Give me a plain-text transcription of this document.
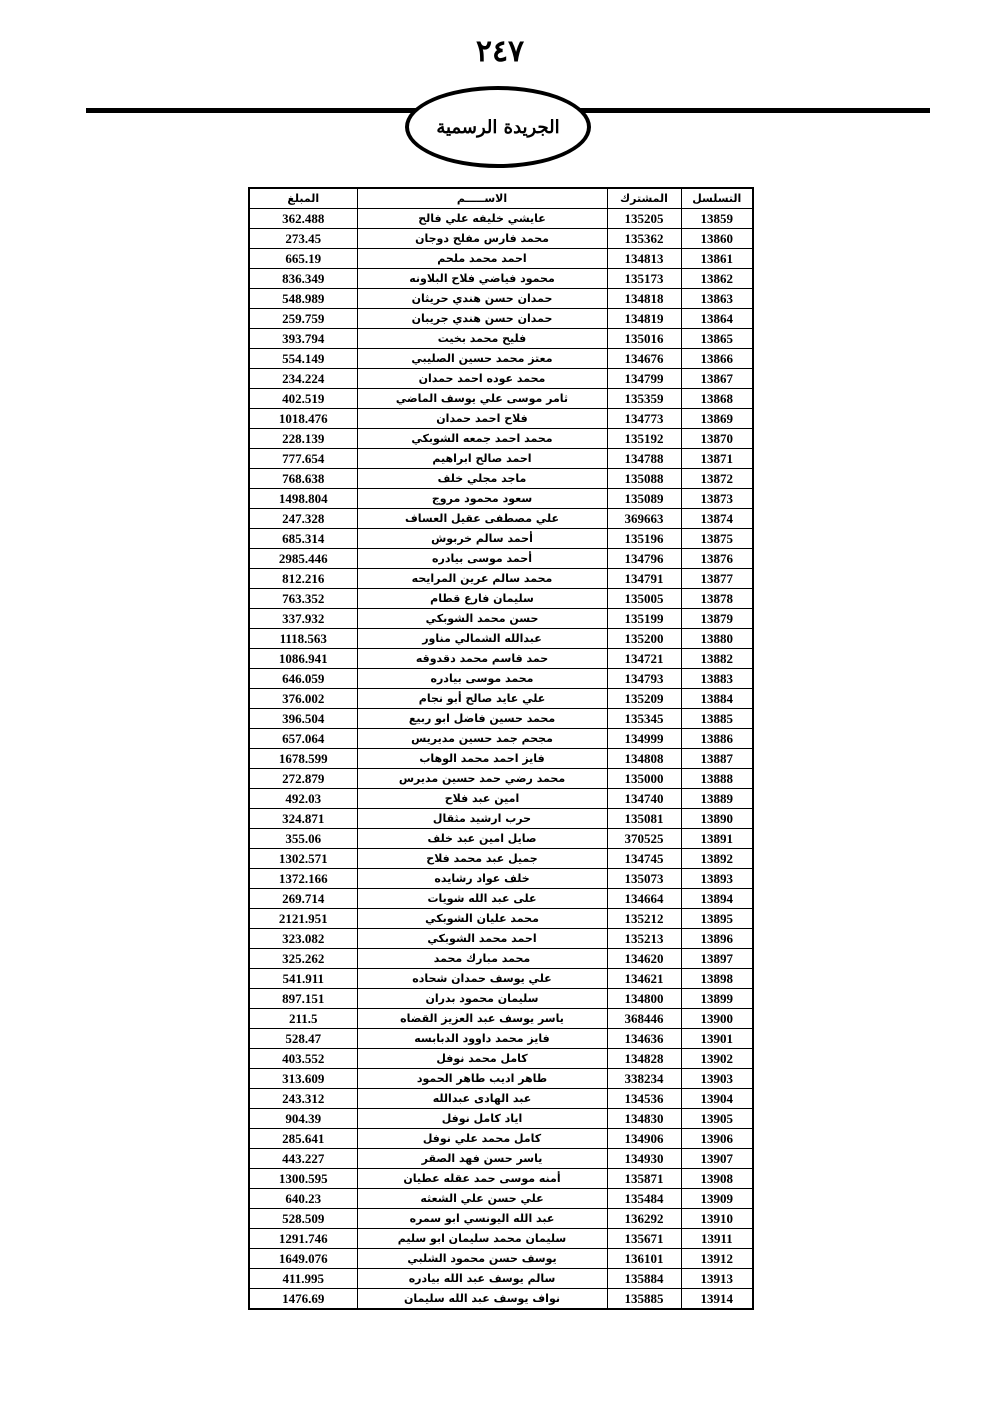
٢٤٧
الجريدة الرسمية
المبلغ	الاســـــم	المشترك	التسلسل
362.488	عايشي خليفه علي فالح	135205	13859
273.45	محمد فارس مفلح دوجان	135362	13860
665.19	احمد محمد ملحم	134813	13861
836.349	محمود فياضي فلاح البلاونه	135173	13862
548.989	حمدان حسن هندي حريثان	134818	13863
259.759	حمدان حسن هندي جريبان	134819	13864
393.794	فليح محمد بخيت	135016	13865
554.149	معتز محمد حسين الصليبي	134676	13866
234.224	محمد عوده احمد حمدان	134799	13867
402.519	ثامر موسى علي يوسف الماضي	135359	13868
1018.476	فلاح احمد حمدان	134773	13869
228.139	محمد احمد جمعه الشوبكي	135192	13870
777.654	احمد صالح ابراهيم	134788	13871
768.638	ماجد مجلي خلف	135088	13872
1498.804	سعود محمود مروج	135089	13873
247.328	علي مصطفى عقيل العساف	369663	13874
685.314	أحمد سالم خربوش	135196	13875
2985.446	أحمد موسى بيادره	134796	13876
812.216	محمد سالم عرين المرايحه	134791	13877
763.352	سليمان فارع قطام	135005	13878
337.932	حسن محمد الشوبكي	135199	13879
1118.563	عبدالله الشمالي مناور	135200	13880
1086.941	حمد قاسم محمد دقدوقه	134721	13882
646.059	محمد موسى بيادره	134793	13883
376.002	علي عايد صالح أبو نجام	135209	13884
396.504	محمد حسين فاضل ابو ربيع	135345	13885
657.064	مجحم جمد حسين مديريس	134999	13886
1678.599	فايز احمد محمد الوهاب	134808	13887
272.879	محمد رضي حمد حسين مديرس	135000	13888
492.03	امين عبد فلاح	134740	13889
324.871	حرب ارشيد مثقال	135081	13890
355.06	صايل امين عبد خلف	370525	13891
1302.571	جميل عبد محمد فلاح	134745	13892
1372.166	خلف عواد رشايده	135073	13893
269.714	على عبد الله شويات	134664	13894
2121.951	محمد عليان الشوبكي	135212	13895
323.082	احمد محمد الشوبكي	135213	13896
325.262	محمد مبارك محمد	134620	13897
541.911	علي يوسف حمدان شحاده	134621	13898
897.151	سليمان محمود بدران	134800	13899
211.5	ياسر يوسف عبد العزيز القضاه	368446	13900
528.47	فايز محمد داوود الدبابسه	134636	13901
403.552	كامل محمد نوفل	134828	13902
313.609	طاهر اديب طاهر الحمود	338234	13903
243.312	عبد الهادى عبدالله	134536	13904
904.39	اياد كامل نوفل	134830	13905
285.641	كامل محمد علي نوفل	134906	13906
443.227	ياسر حسن فهد الصقر	134930	13907
1300.595	أمنه موسى حمد عقله عطيان	135871	13908
640.23	علي حسن علي الشعثه	135484	13909
528.509	عبد الله اليونسي ابو سمره	136292	13910
1291.746	سليمان محمد سليمان ابو سليم	135671	13911
1649.076	يوسف حسن محمود الشلبي	136101	13912
411.995	سالم يوسف عبد الله بيادره	135884	13913
1476.69	نواف يوسف عبد الله سليمان	135885	13914
